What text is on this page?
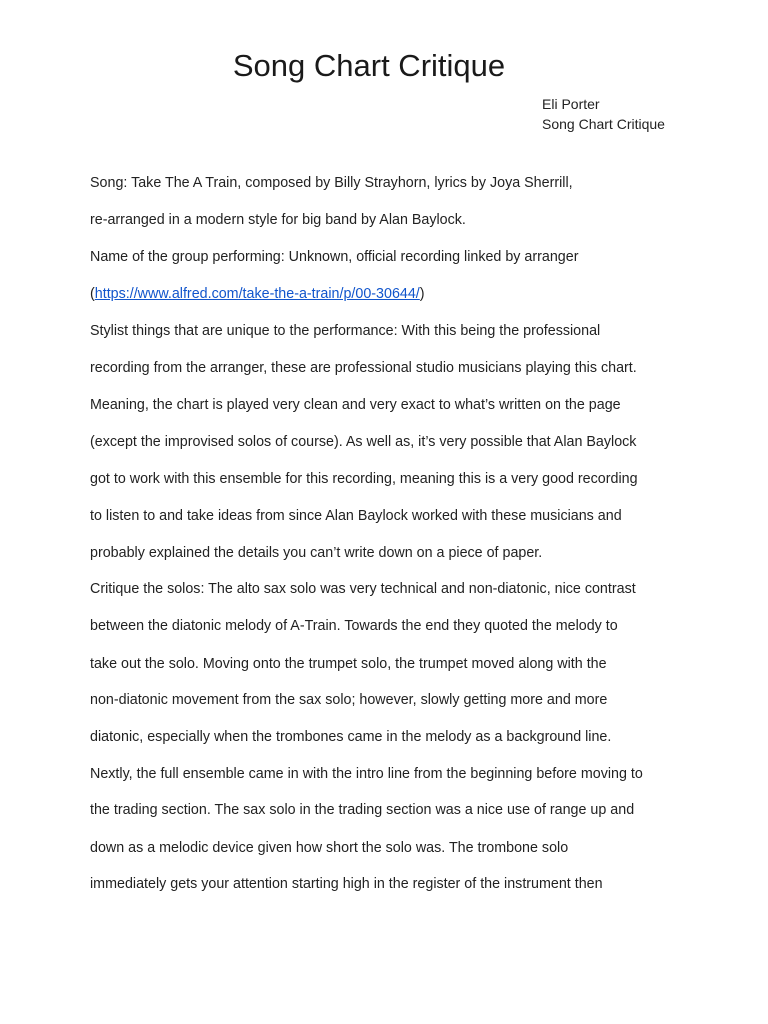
Song Chart Critique
Eli Porter
Song Chart Critique
Song: Take The A Train, composed by Billy Strayhorn, lyrics by Joya Sherrill,
re-arranged in a modern style for big band by Alan Baylock.
Name of the group performing: Unknown, official recording linked by arranger
(https://www.alfred.com/take-the-a-train/p/00-30644/)
Stylist things that are unique to the performance: With this being the professional
recording from the arranger, these are professional studio musicians playing this chart.
Meaning, the chart is played very clean and very exact to what’s written on the page
(except the improvised solos of course). As well as, it’s very possible that Alan Baylock
got to work with this ensemble for this recording, meaning this is a very good recording
to listen to and take ideas from since Alan Baylock worked with these musicians and
probably explained the details you can’t write down on a piece of paper.
Critique the solos: The alto sax solo was very technical and non-diatonic, nice contrast
between the diatonic melody of A-Train. Towards the end they quoted the melody to
take out the solo. Moving onto the trumpet solo, the trumpet moved along with the
non-diatonic movement from the sax solo; however, slowly getting more and more
diatonic, especially when the trombones came in the melody as a background line.
Nextly, the full ensemble came in with the intro line from the beginning before moving to
the trading section. The sax solo in the trading section was a nice use of range up and
down as a melodic device given how short the solo was. The trombone solo
immediately gets your attention starting high in the register of the instrument then
